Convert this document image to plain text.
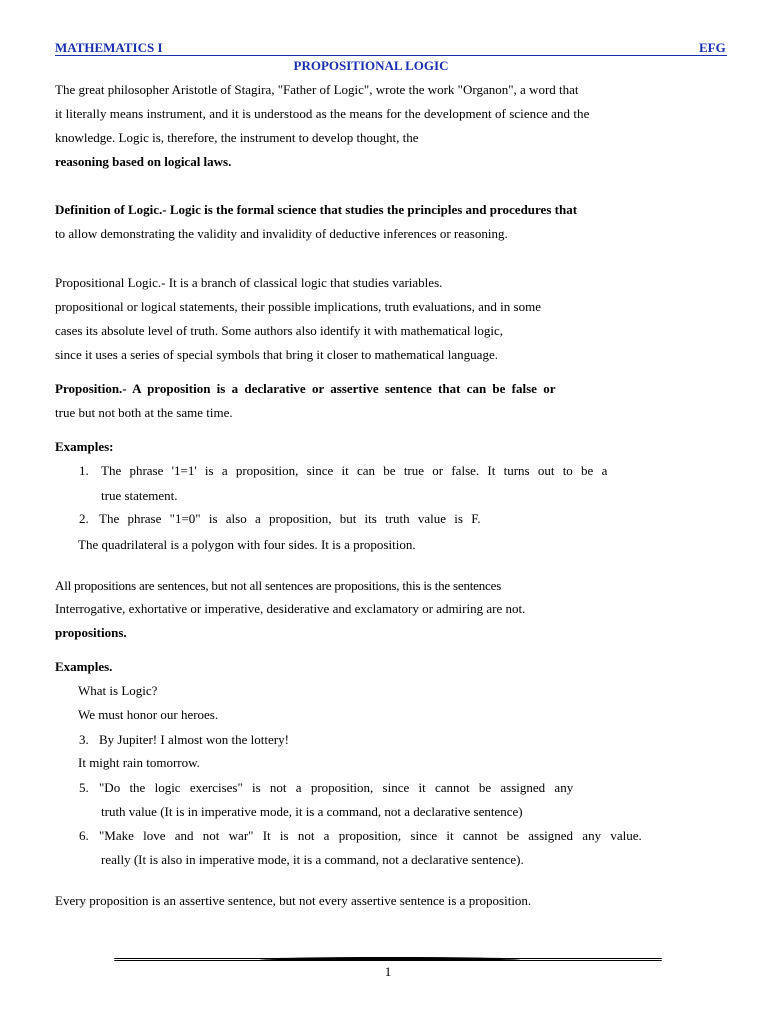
MATHEMATICS I	EFG
PROPOSITIONAL LOGIC
The great philosopher Aristotle of Stagira, "Father of Logic", wrote the work "Organon", a word that
it literally means instrument, and it is understood as the means for the development of science and the
knowledge. Logic is, therefore, the instrument to develop thought, the
reasoning based on logical laws.
Definition of Logic.- Logic is the formal science that studies the principles and procedures that
to allow demonstrating the validity and invalidity of deductive inferences or reasoning.
Propositional Logic.- It is a branch of classical logic that studies variables.
propositional or logical statements, their possible implications, truth evaluations, and in some
cases its absolute level of truth. Some authors also identify it with mathematical logic,
since it uses a series of special symbols that bring it closer to mathematical language.
Proposition.- A proposition is a declarative or assertive sentence that can be false or
true but not both at the same time.
Examples:
1. The phrase '1=1' is a proposition, since it can be true or false. It turns out to be a
true statement.
2. The phrase "1=0" is also a proposition, but its truth value is F.
The quadrilateral is a polygon with four sides. It is a proposition.
All propositions are sentences, but not all sentences are propositions, this is the sentences
Interrogative, exhortative or imperative, desiderative and exclamatory or admiring are not.
propositions.
Examples.
What is Logic?
We must honor our heroes.
3. By Jupiter! I almost won the lottery!
It might rain tomorrow.
5. "Do the logic exercises" is not a proposition, since it cannot be assigned any
truth value (It is in imperative mode, it is a command, not a declarative sentence)
6. "Make love and not war" It is not a proposition, since it cannot be assigned any value.
really (It is also in imperative mode, it is a command, not a declarative sentence).
Every proposition is an assertive sentence, but not every assertive sentence is a proposition.
1
